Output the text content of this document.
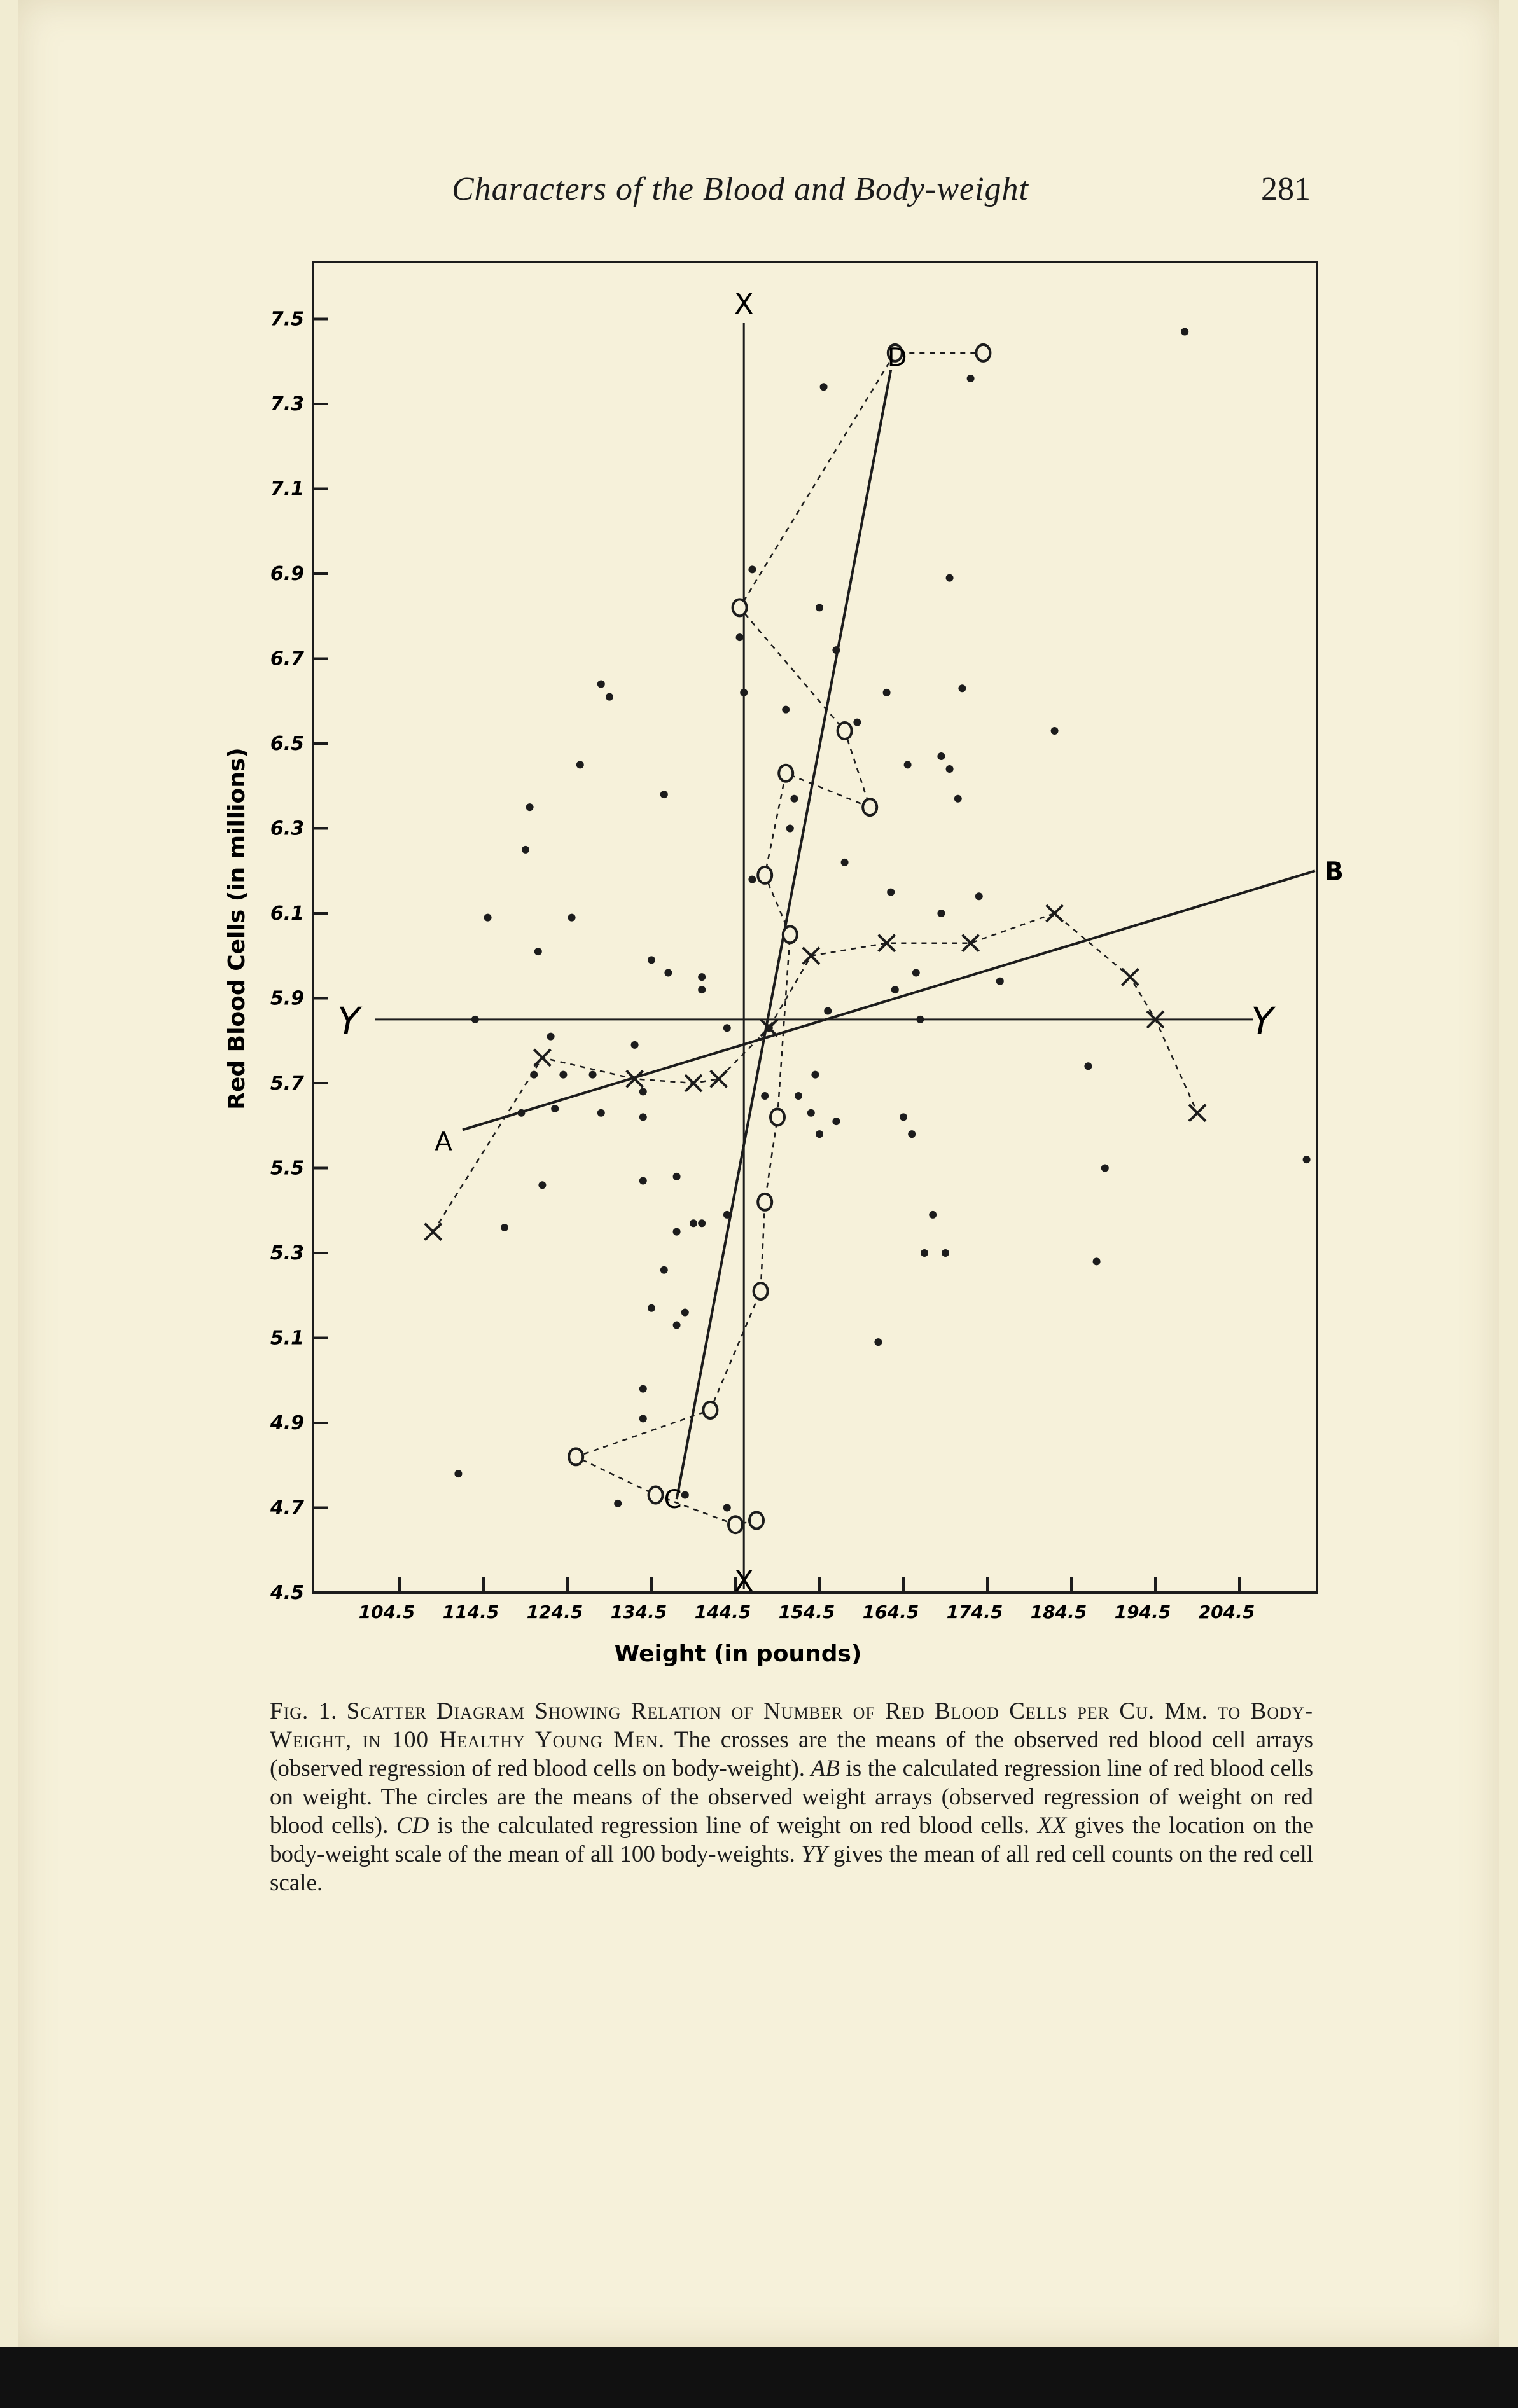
Characters of the Blood and Body-weight	281
104.5 114.5 124.5 134.5 144.5 154.5 164.5 174.5 184.5 194.5 204.5
4.5
4.7
4.9
5.1
5.3
5.5
5.7
5.9
6.1
6.3
6.5
6.7
6.9
7.1
7.3
7.5	X
X
Y	Y
A
B
C
D
Weight (in pounds)
Red Blood Cells (in millions)
Fig. 1. Scatter Diagram Showing Relation of Number of Red Blood Cells per Cu. Mm. to Body-Weight, in 100 Healthy Young Men. The crosses are the means of the observed red blood cell arrays (observed regression of red blood cells on body-weight). AB is the calculated regression line of red blood cells on weight. The circles are the means of the observed weight arrays (observed regression of weight on red blood cells). CD is the calculated regression line of weight on red blood cells. XX gives the location on the body-weight scale of the mean of all 100 body-weights. YY gives the mean of all red cell counts on the red cell scale.
